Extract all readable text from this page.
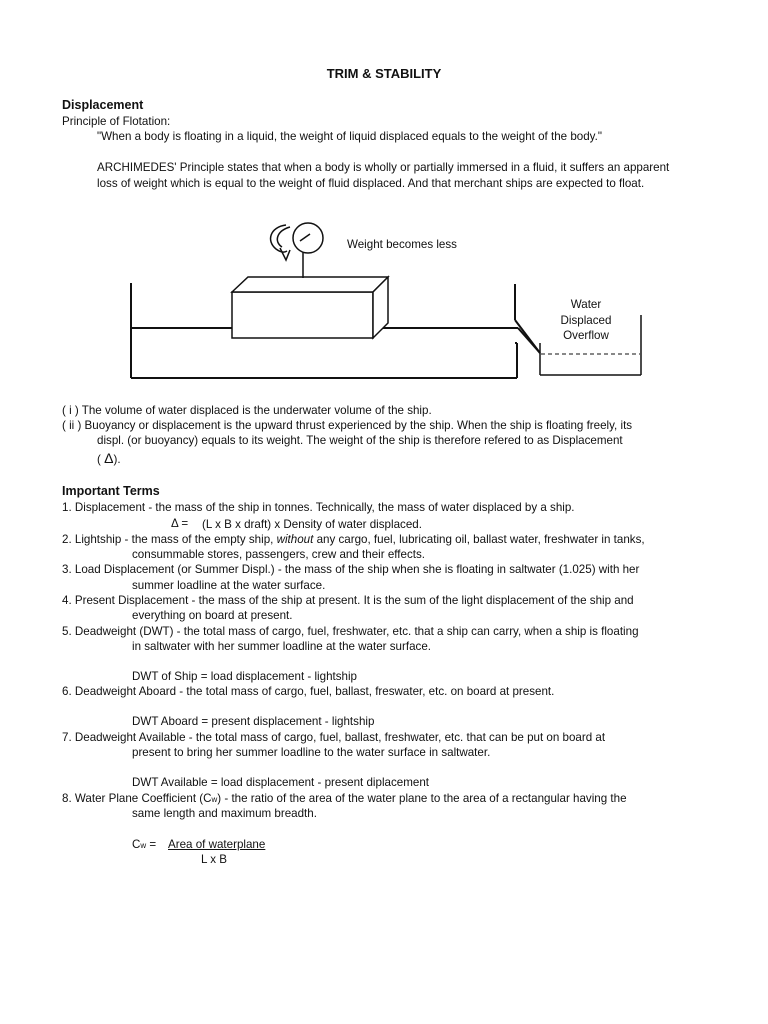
TRIM & STABILITY
Displacement
Principle of Flotation:
"When a body is floating in a liquid, the weight of liquid displaced equals to the weight of the body."
ARCHIMEDES' Principle states that when a body is wholly or partially immersed in a fluid, it suffers an apparent
loss of weight which is equal to the weight of fluid displaced. And that merchant ships are expected to float.
Weight becomes less
Water
Displaced
Overflow
( i ) The volume of water displaced is the underwater volume of the ship.
( ii ) Buoyancy or displacement is the upward thrust experienced by the ship. When the ship is floating freely, its
displ. (or buoyancy) equals to its weight. The weight of the ship is therefore refered to as Displacement
( Δ).
Important Terms
1. Displacement - the mass of the ship in tonnes. Technically, the mass of water displaced by a ship.
Δ = (L x B x draft) x Density of water displaced.
2. Lightship - the mass of the empty ship, without any cargo, fuel, lubricating oil, ballast water, freshwater in tanks,
consummable stores, passengers, crew and their effects.
3. Load Displacement (or Summer Displ.) - the mass of the ship when she is floating in saltwater (1.025) with her
summer loadline at the water surface.
4. Present Displacement - the mass of the ship at present. It is the sum of the light displacement of the ship and
everything on board at present.
5. Deadweight (DWT) - the total mass of cargo, fuel, freshwater, etc. that a ship can carry, when a ship is floating
in saltwater with her summer loadline at the water surface.
DWT of Ship = load displacement - lightship
6. Deadweight Aboard - the total mass of cargo, fuel, ballast, freswater, etc. on board at present.
DWT Aboard = present displacement - lightship
7. Deadweight Available - the total mass of cargo, fuel, ballast, freshwater, etc. that can be put on board at
present to bring her summer loadline to the water surface in saltwater.
DWT Available = load displacement - present diplacement
8. Water Plane Coefficient (Cw) - the ratio of the area of the water plane to the area of a rectangular having the
same length and maximum breadth.
Cw = Area of waterplane
L x B
